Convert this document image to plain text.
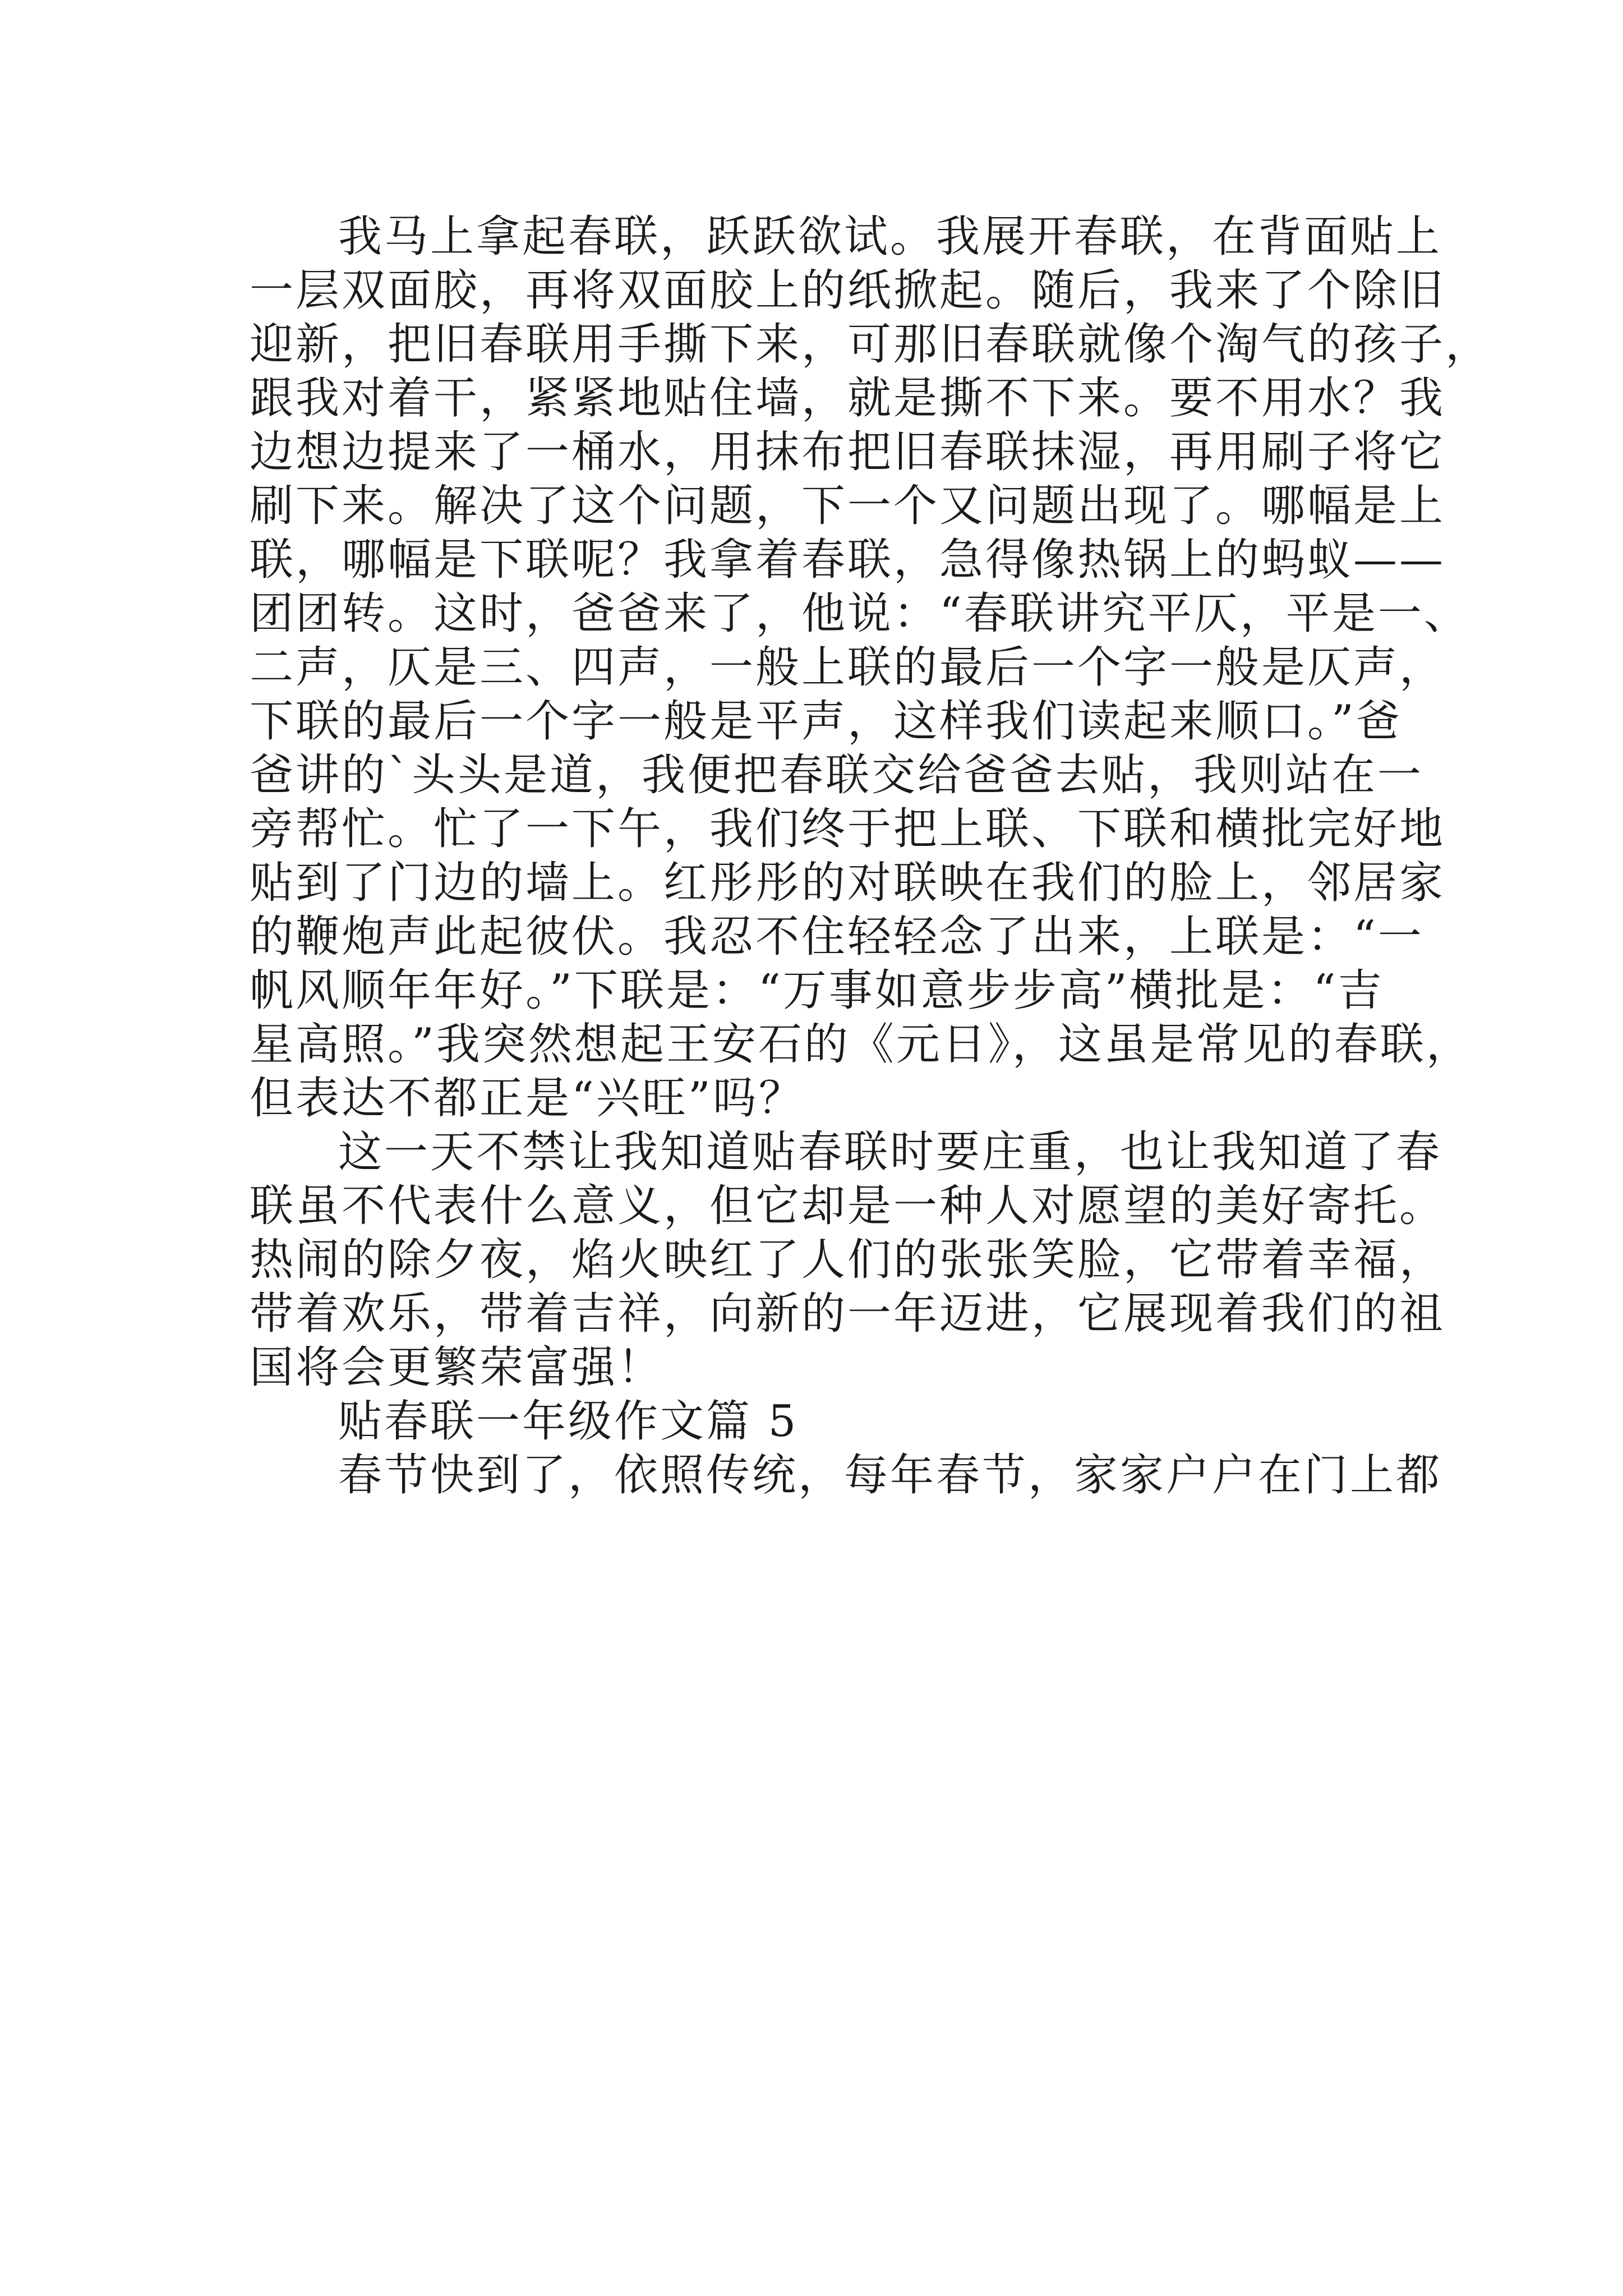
我马上拿起春联，跃跃欲试。我展开春联，在背面贴上
一层双面胶，再将双面胶上的纸掀起。随后，我来了个除旧
迎新，把旧春联用手撕下来，可那旧春联就像个淘气的孩子，
跟我对着干，紧紧地贴住墙，就是撕不下来。要不用水？我
边想边提来了一桶水，用抹布把旧春联抹湿，再用刷子将它
刷下来。解决了这个问题，下一个又问题出现了。哪幅是上
联，哪幅是下联呢？我拿着春联，急得像热锅上的蚂蚁——
团团转。这时，爸爸来了，他说：“春联讲究平仄，平是一、
二声，仄是三、四声，一般上联的最后一个字一般是仄声，
下联的最后一个字一般是平声，这样我们读起来顺口。”爸
爸讲的`头头是道，我便把春联交给爸爸去贴，我则站在一
旁帮忙。忙了一下午，我们终于把上联、下联和横批完好地
贴到了门边的墙上。红彤彤的对联映在我们的脸上，邻居家
的鞭炮声此起彼伏。我忍不住轻轻念了出来，上联是：“一
帆风顺年年好。”下联是：“万事如意步步高”横批是：“吉
星高照。”我突然想起王安石的《元日》，这虽是常见的春联，
但表达不都正是“兴旺”吗？
这一天不禁让我知道贴春联时要庄重，也让我知道了春
联虽不代表什么意义，但它却是一种人对愿望的美好寄托。
热闹的除夕夜，焰火映红了人们的张张笑脸，它带着幸福，
带着欢乐，带着吉祥，向新的一年迈进，它展现着我们的祖
国将会更繁荣富强！
贴春联一年级作文篇 5
春节快到了，依照传统，每年春节，家家户户在门上都
